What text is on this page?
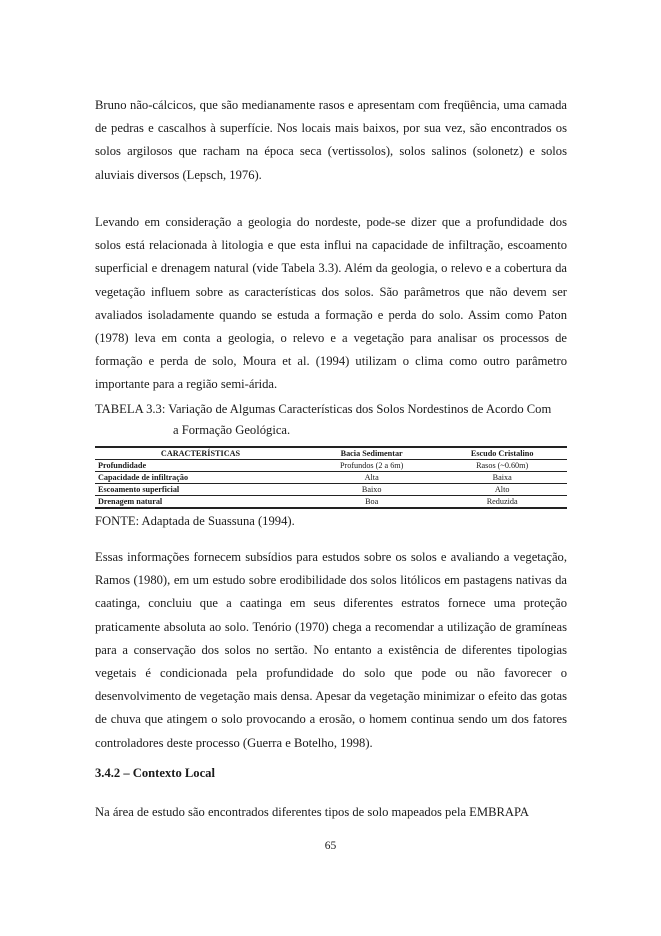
Bruno não-cálcicos, que são medianamente rasos e apresentam com freqüência, uma camada de pedras e cascalhos à superfície. Nos locais mais baixos, por sua vez, são encontrados os solos argilosos que racham na época seca (vertissolos), solos salinos (solonetz) e solos aluviais diversos (Lepsch, 1976).

Levando em consideração a geologia do nordeste, pode-se dizer que a profundidade dos solos está relacionada à litologia e que esta influi na capacidade de infiltração, escoamento superficial e drenagem natural (vide Tabela 3.3). Além da geologia, o relevo e a cobertura da vegetação influem sobre as características dos solos. São parâmetros que não devem ser avaliados isoladamente quando se estuda a formação e perda do solo. Assim como Paton (1978) leva em conta a geologia, o relevo e a vegetação para analisar os processos de formação e perda de solo, Moura et al. (1994) utilizam o clima como outro parâmetro importante para a região semi-árida.

TABELA 3.3: Variação de Algumas Características dos Solos Nordestinos de Acordo Com

a Formação Geológica.

CARACTERÍSTICAS	Bacia Sedimentar	Escudo Cristalino
Profundidade	Profundos (2 a 6m)	Rasos (~0.60m)
Capacidade de infiltração	Alta	Baixa
Escoamento superficial	Baixo	Alto
Drenagem natural	Boa	Reduzida

FONTE: Adaptada de Suassuna (1994).

Essas informações fornecem subsídios para estudos sobre os solos e avaliando a vegetação, Ramos (1980), em um estudo sobre erodibilidade dos solos litólicos em pastagens nativas da caatinga, concluiu que a caatinga em seus diferentes estratos fornece uma proteção praticamente absoluta ao solo. Tenório (1970) chega a recomendar a utilização de gramíneas para a conservação dos solos no sertão. No entanto a existência de diferentes tipologias vegetais é condicionada pela profundidade do solo que pode ou não favorecer o desenvolvimento de vegetação mais densa. Apesar da vegetação minimizar o efeito das gotas de chuva que atingem o solo provocando a erosão, o homem continua sendo um dos fatores controladores deste processo (Guerra e Botelho, 1998).

3.4.2 – Contexto Local

Na área de estudo são encontrados diferentes tipos de solo mapeados pela EMBRAPA

65
